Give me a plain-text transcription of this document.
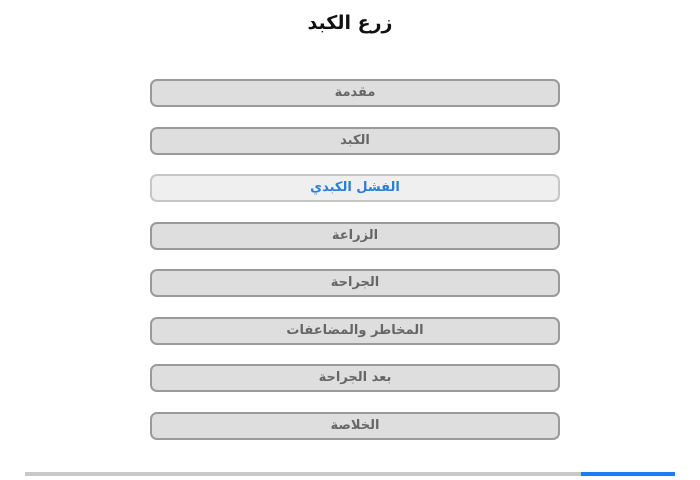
زرع الكبد
مقدمة
الكبد
الفشل الكبدي
الزراعة
الجراحة
المخاطر والمضاعفات
بعد الجراحة
الخلاصة
